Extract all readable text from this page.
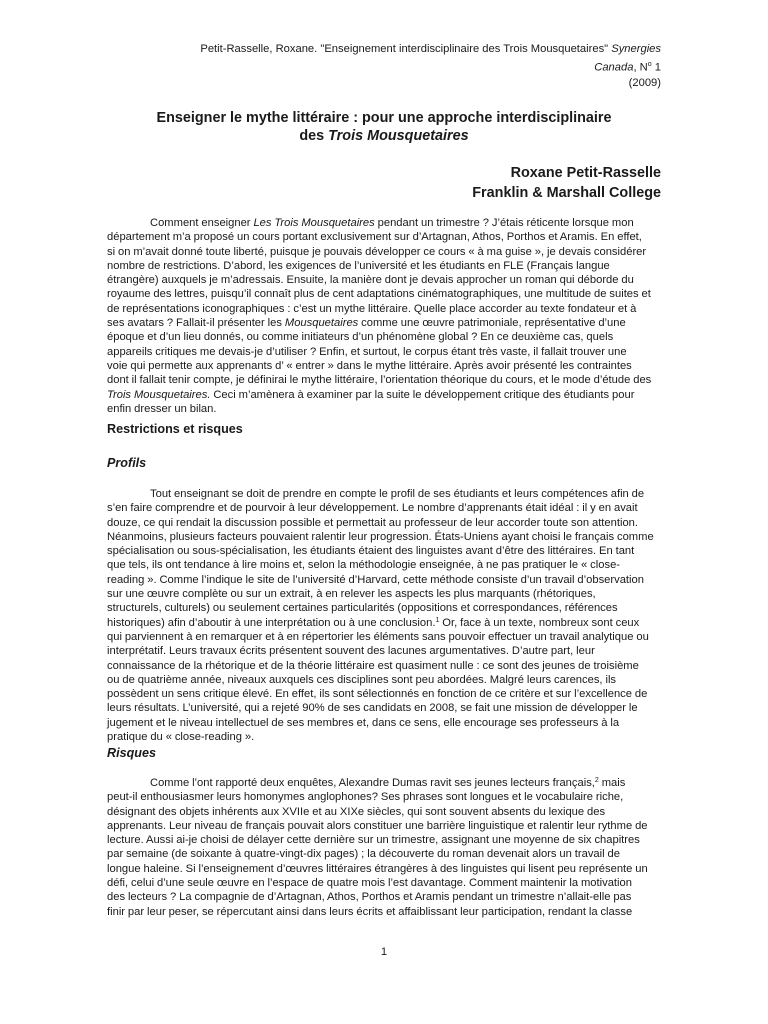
Petit-Rasselle, Roxane. "Enseignement interdisciplinaire des Trois Mousquetaires" Synergies Canada, $N^o$ 1
(2009)
Enseigner le mythe littéraire : pour une approche interdisciplinaire
des Trois Mousquetaires
Roxane Petit-Rasselle
Franklin & Marshall College
Comment enseigner Les Trois Mousquetaires pendant un trimestre ? J’étais réticente lorsque mon
département m’a proposé un cours portant exclusivement sur d’Artagnan, Athos, Porthos et Aramis. En effet,
si on m’avait donné toute liberté, puisque je pouvais développer ce cours « à ma guise », je devais considérer
nombre de restrictions. D’abord, les exigences de l’université et les étudiants en FLE (Français langue
étrangère) auxquels je m’adressais. Ensuite, la manière dont je devais approcher un roman qui déborde du
royaume des lettres, puisqu’il connaît plus de cent adaptations cinématographiques, une multitude de suites et
de représentations iconographiques : c’est un mythe littéraire. Quelle place accorder au texte fondateur et à
ses avatars ? Fallait-il présenter les Mousquetaires comme une œuvre patrimoniale, représentative d’une
époque et d’un lieu donnés, ou comme initiateurs d’un phénomène global ? En ce deuxième cas, quels
appareils critiques me devais-je d’utiliser ? Enfin, et surtout, le corpus étant très vaste, il fallait trouver une
voie qui permette aux apprenants d’ « entrer » dans le mythe littéraire. Après avoir présenté les contraintes
dont il fallait tenir compte, je définirai le mythe littéraire, l’orientation théorique du cours, et le mode d’étude des
Trois Mousquetaires. Ceci m’amènera à examiner par la suite le développement critique des étudiants pour
enfin dresser un bilan.
Restrictions et risques
Profils
Tout enseignant se doit de prendre en compte le profil de ses étudiants et leurs compétences afin de
s’en faire comprendre et de pourvoir à leur développement. Le nombre d’apprenants était idéal : il y en avait
douze, ce qui rendait la discussion possible et permettait au professeur de leur accorder toute son attention.
Néanmoins, plusieurs facteurs pouvaient ralentir leur progression. États-Uniens ayant choisi le français comme
spécialisation ou sous-spécialisation, les étudiants étaient des linguistes avant d’être des littéraires. En tant
que tels, ils ont tendance à lire moins et, selon la méthodologie enseignée, à ne pas pratiquer le « close-
reading ». Comme l’indique le site de l’université d’Harvard, cette méthode consiste d’un travail d’observation
sur une œuvre complète ou sur un extrait, à en relever les aspects les plus marquants (rhétoriques,
structurels, culturels) ou seulement certaines particularités (oppositions et correspondances, références
historiques) afin d’aboutir à une interprétation ou à une conclusion.$^1$ Or, face à un texte, nombreux sont ceux
qui parviennent à en remarquer et à en répertorier les éléments sans pouvoir effectuer un travail analytique ou
interprétatif. Leurs travaux écrits présentent souvent des lacunes argumentatives. D’autre part, leur
connaissance de la rhétorique et de la théorie littéraire est quasiment nulle : ce sont des jeunes de troisième
ou de quatrième année, niveaux auxquels ces disciplines sont peu abordées. Malgré leurs carences, ils
possèdent un sens critique élevé. En effet, ils sont sélectionnés en fonction de ce critère et sur l’excellence de
leurs résultats. L’université, qui a rejeté 90% de ses candidats en 2008, se fait une mission de développer le
jugement et le niveau intellectuel de ses membres et, dans ce sens, elle encourage ses professeurs à la
pratique du « close-reading ».
Risques
Comme l’ont rapporté deux enquêtes, Alexandre Dumas ravit ses jeunes lecteurs français,$^2$ mais
peut-il enthousiasmer leurs homonymes anglophones? Ses phrases sont longues et le vocabulaire riche,
désignant des objets inhérents aux XVIIe et au XIXe siècles, qui sont souvent absents du lexique des
apprenants. Leur niveau de français pouvait alors constituer une barrière linguistique et ralentir leur rythme de
lecture. Aussi ai-je choisi de délayer cette dernière sur un trimestre, assignant une moyenne de six chapitres
par semaine (de soixante à quatre-vingt-dix pages) ; la découverte du roman devenait alors un travail de
longue haleine. Si l’enseignement d’œuvres littéraires étrangères à des linguistes qui lisent peu représente un
défi, celui d’une seule œuvre en l’espace de quatre mois l’est davantage. Comment maintenir la motivation
des lecteurs ? La compagnie de d’Artagnan, Athos, Porthos et Aramis pendant un trimestre n’allait-elle pas
finir par leur peser, se répercutant ainsi dans leurs écrits et affaiblissant leur participation, rendant la classe
1
